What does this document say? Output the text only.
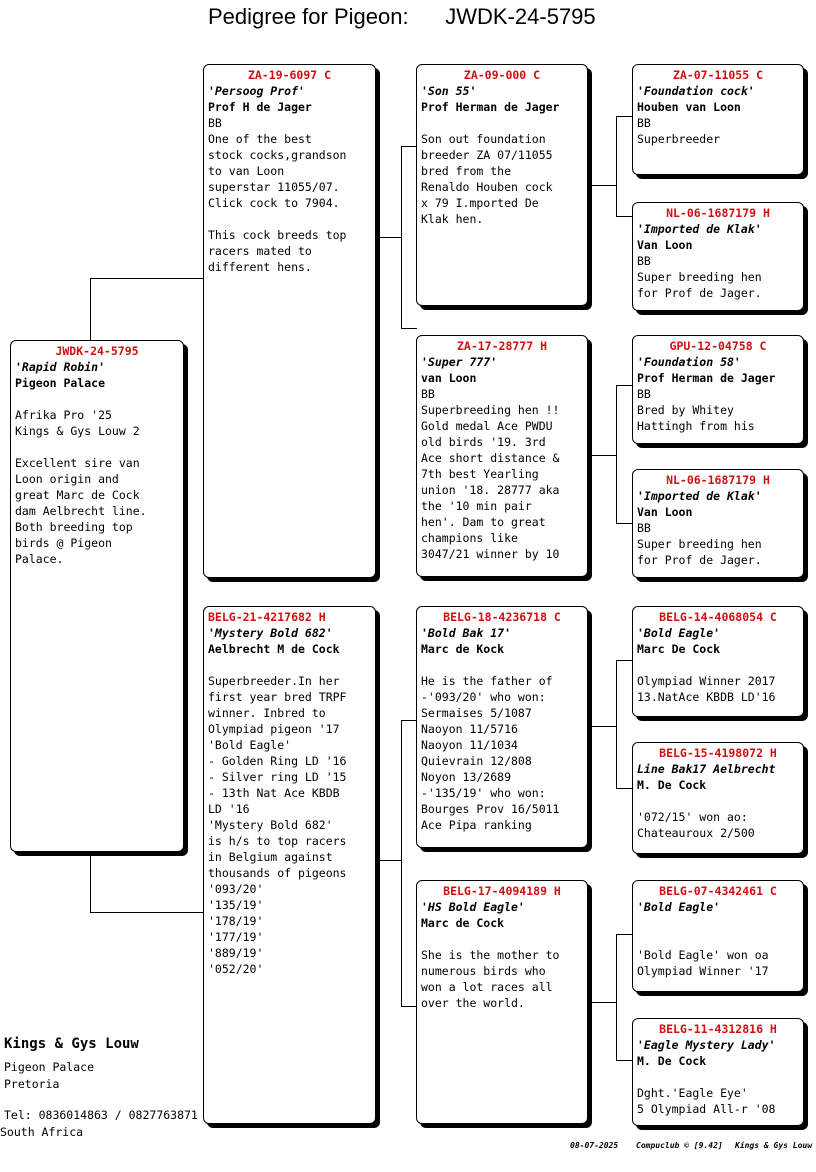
Pedigree for Pigeon: JWDK-24-5795
JWDK-24-5795
'Rapid Robin'
Pigeon Palace
Afrika Pro '25
Kings & Gys Louw 2
Excellent sire van
Loon origin and
great Marc de Cock
dam Aelbrecht line.
Both breeding top
birds @ Pigeon
Palace.
ZA-19-6097 C
'Persoog Prof'
Prof H de Jager
BB
One of the best
stock cocks,grandson
to van Loon
superstar 11055/07.
Click cock to 7904.
This cock breeds top
racers mated to
different hens.
BELG-21-4217682 H
'Mystery Bold 682'
Aelbrecht M de Cock
Superbreeder.In her
first year bred TRPF
winner. Inbred to
Olympiad pigeon '17
'Bold Eagle'
- Golden Ring LD '16
- Silver ring LD '15
- 13th Nat Ace KBDB
LD '16
'Mystery Bold 682'
is h/s to top racers
in Belgium against
thousands of pigeons
'093/20'
'135/19'
'178/19'
'177/19'
'889/19'
'052/20'
ZA-09-000 C
'Son 55'
Prof Herman de Jager
Son out foundation
breeder ZA 07/11055
bred from the
Renaldo Houben cock
x 79 I.mported De
Klak hen.
ZA-17-28777 H
'Super 777'
van Loon
BB
Superbreeding hen !!
Gold medal Ace PWDU
old birds '19. 3rd
Ace short distance &
7th best Yearling
union '18. 28777 aka
the '10 min pair
hen'. Dam to great
champions like
3047/21 winner by 10
BELG-18-4236718 C
'Bold Bak 17'
Marc de Kock
He is the father of
-'093/20' who won:
Sermaises 5/1087
Naoyon 11/5716
Naoyon 11/1034
Quievrain 12/808
Noyon 13/2689
-'135/19' who won:
Bourges Prov 16/5011
Ace Pipa ranking
BELG-17-4094189 H
'HS Bold Eagle'
Marc de Cock
She is the mother to
numerous birds who
won a lot races all
over the world.
ZA-07-11055 C
'Foundation cock'
Houben van Loon
BB
Superbreeder
NL-06-1687179 H
'Imported de Klak'
Van Loon
BB
Super breeding hen
for Prof de Jager.
GPU-12-04758 C
'Foundation 58'
Prof Herman de Jager
BB
Bred by Whitey
Hattingh from his
NL-06-1687179 H
'Imported de Klak'
Van Loon
BB
Super breeding hen
for Prof de Jager.
BELG-14-4068054 C
'Bold Eagle'
Marc De Cock
Olympiad Winner 2017
13.NatAce KBDB LD'16
BELG-15-4198072 H
Line Bak17 Aelbrecht
M. De Cock
'072/15' won ao:
Chateauroux 2/500
BELG-07-4342461 C
'Bold Eagle'
'Bold Eagle' won oa
Olympiad Winner '17
BELG-11-4312816 H
'Eagle Mystery Lady'
M. De Cock
Dght.'Eagle Eye'
5 Olympiad All-r '08
Kings & Gys Louw
Pigeon Palace
Pretoria
Tel: 0836014863 / 0827763871
South Africa
08-07-2025 Compuclub © [9.42] Kings & Gys Louw
